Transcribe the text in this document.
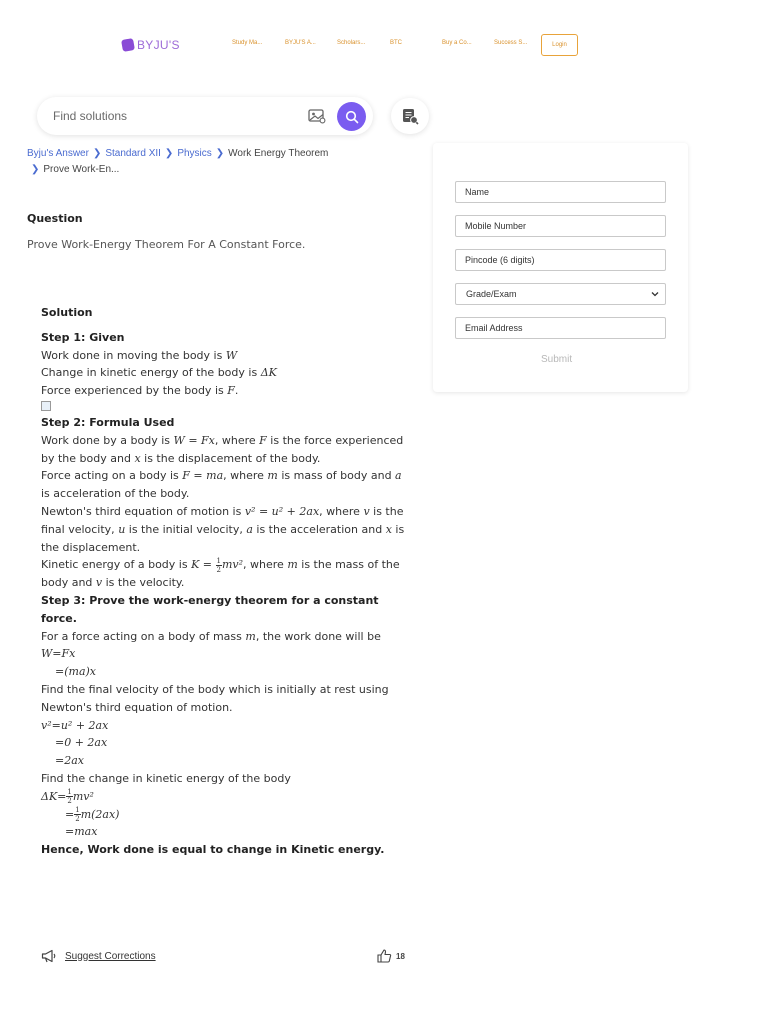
BYJU'S	Study Ma...	BYJU'S A...	Scholars...	BTC	Buy a Co...	Success S...	Login
Find solutions
Byju's Answer ❯ Standard XII ❯ Physics ❯ Work Energy Theorem
❯ Prove Work-En...
Question
Prove Work-Energy Theorem For A Constant Force.

Solution

Step 1: Given

Work done in moving the body is W

Change in kinetic energy of the body is ΔK

Force experienced by the body is F.

Step 2: Formula Used

Work done by a body is W = Fx, where F is the force experienced by the body and x is the displacement of the body.

Force acting on a body is F = ma, where m is mass of body and a is acceleration of the body.

Newton's third equation of motion is v² = u² + 2ax, where v is the final velocity, u is the initial velocity, a is the acceleration and x is the displacement.

Kinetic energy of a body is $K = \frac{1}{2} mv^2$, where m is the mass of the body and v is the velocity.

Step 3: Prove the work-energy theorem for a constant force.

For a force acting on a body of mass m, the work done will be

W=Fx

=(ma)x

Find the final velocity of the body which is initially at rest using Newton's third equation of motion.

v²=u² + 2ax

=0 + 2ax

=2ax

Find the change in kinetic energy of the body

$\Delta K= \frac{1}{2} mv^2$

= $\frac{1}{2} m(2ax)$

=max

Hence, Work done is equal to change in Kinetic energy.

Suggest Corrections	18
Name
Mobile Number
Pincode (6 digits)
Grade/Exam
Email Address
Submit
